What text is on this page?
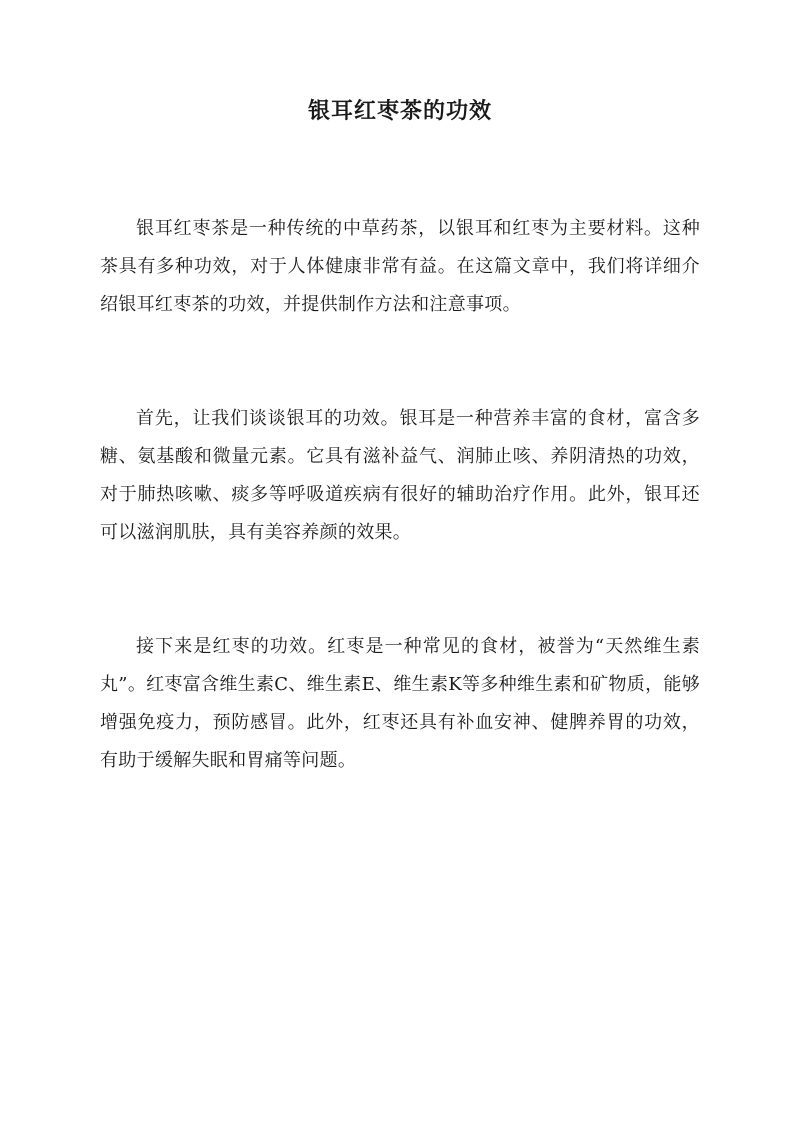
银耳红枣茶的功效

银耳红枣茶是一种传统的中草药茶，以银耳和红枣为主要材料。这种茶具有多种功效，对于人体健康非常有益。在这篇文章中，我们将详细介绍银耳红枣茶的功效，并提供制作方法和注意事项。

首先，让我们谈谈银耳的功效。银耳是一种营养丰富的食材，富含多糖、氨基酸和微量元素。它具有滋补益气、润肺止咳、养阴清热的功效，对于肺热咳嗽、痰多等呼吸道疾病有很好的辅助治疗作用。此外，银耳还可以滋润肌肤，具有美容养颜的效果。

接下来是红枣的功效。红枣是一种常见的食材，被誉为“天然维生素丸”。红枣富含维生素C、维生素E、维生素K等多种维生素和矿物质，能够增强免疫力，预防感冒。此外，红枣还具有补血安神、健脾养胃的功效，有助于缓解失眠和胃痛等问题。
